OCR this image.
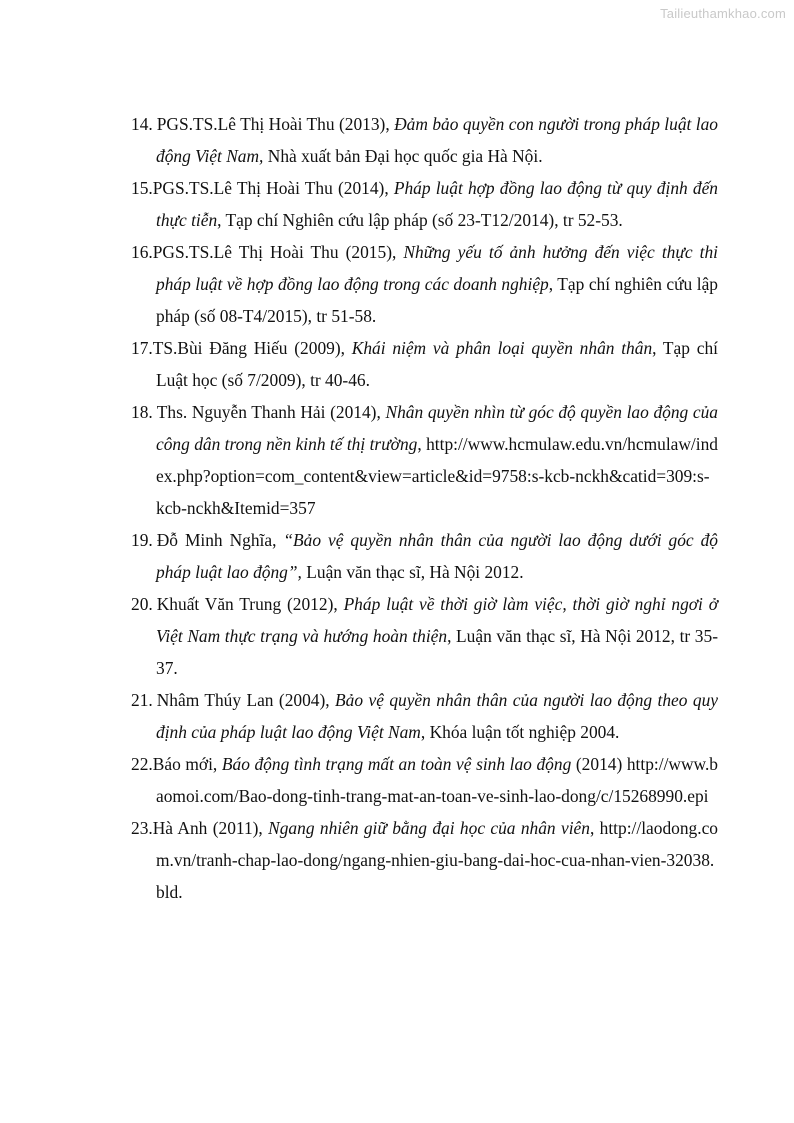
Tailieuthamkhao.com

14. PGS.TS.Lê Thị Hoài Thu (2013), Đảm bảo quyền con người trong pháp luật lao động Việt Nam, Nhà xuất bản Đại học quốc gia Hà Nội.

15.PGS.TS.Lê Thị Hoài Thu (2014), Pháp luật hợp đồng lao động từ quy định đến thực tiễn, Tạp chí Nghiên cứu lập pháp (số 23-T12/2014), tr 52-53.

16.PGS.TS.Lê Thị Hoài Thu (2015), Những yếu tố ảnh hưởng đến việc thực thi pháp luật về hợp đồng lao động trong các doanh nghiệp, Tạp chí nghiên cứu lập pháp (số 08-T4/2015), tr 51-58.

17.TS.Bùi Đăng Hiếu (2009), Khái niệm và phân loại quyền nhân thân, Tạp chí Luật học (số 7/2009), tr 40-46.

18. Ths. Nguyễn Thanh Hải (2014), Nhân quyền nhìn từ góc độ quyền lao động của công dân trong nền kinh tế thị trường, http://www.hcmulaw.edu.vn/hcmulaw/index.php?option=com_content&view=article&id=9758:s-kcb-nckh&catid=309:s-kcb-nckh&Itemid=357

19. Đỗ Minh Nghĩa, “Bảo vệ quyền nhân thân của người lao động dưới góc độ pháp luật lao động”, Luận văn thạc sĩ, Hà Nội 2012.

20. Khuất Văn Trung (2012), Pháp luật về thời giờ làm việc, thời giờ nghỉ ngơi ở Việt Nam thực trạng và hướng hoàn thiện, Luận văn thạc sĩ, Hà Nội 2012, tr 35-37.

21. Nhâm Thúy Lan (2004), Bảo vệ quyền nhân thân của người lao động theo quy định của pháp luật lao động Việt Nam, Khóa luận tốt nghiệp 2004.

22.Báo mới, Báo động tình trạng mất an toàn vệ sinh lao động (2014) http://www.baomoi.com/Bao-dong-tinh-trang-mat-an-toan-ve-sinh-lao-dong/c/15268990.epi

23.Hà Anh (2011), Ngang nhiên giữ bằng đại học của nhân viên, http://laodong.com.vn/tranh-chap-lao-dong/ngang-nhien-giu-bang-dai-hoc-cua-nhan-vien-32038.bld.
